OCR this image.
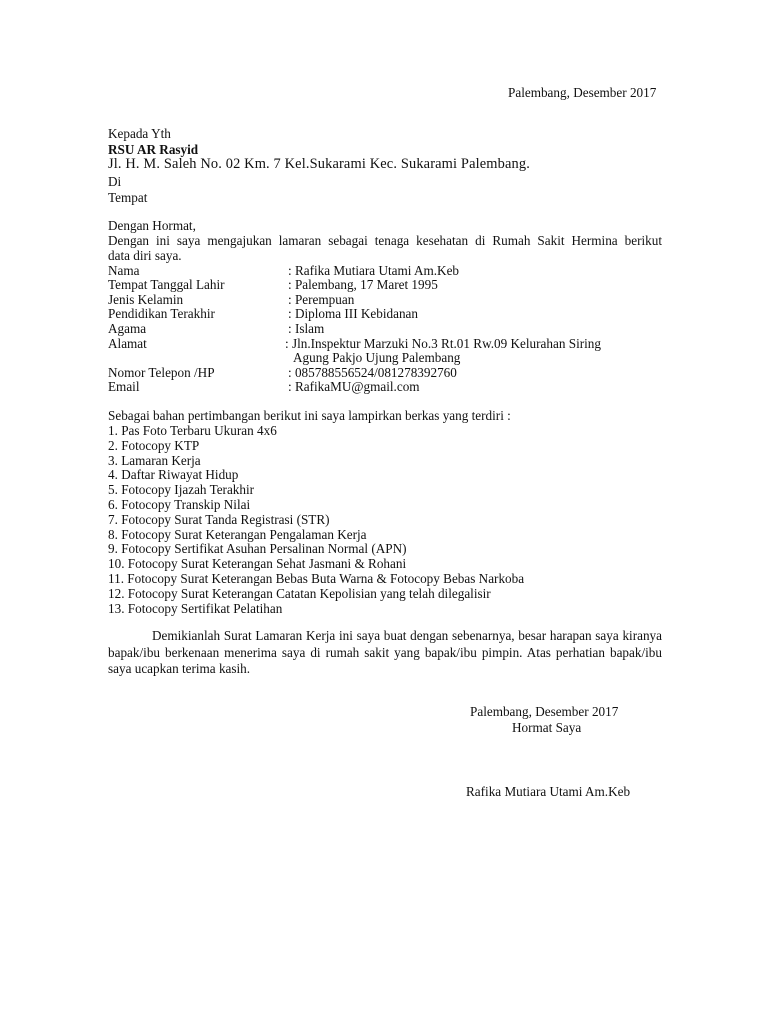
Palembang, Desember 2017
Kepada Yth
RSU AR Rasyid
Jl. H. M. Saleh No. 02 Km. 7 Kel.Sukarami Kec. Sukarami Palembang.
Di
Tempat
Dengan Hormat,
Dengan ini saya mengajukan lamaran sebagai tenaga kesehatan di Rumah Sakit Hermina berikut
data diri saya.
Nama	: Rafika Mutiara Utami Am.Keb
Tempat Tanggal Lahir	: Palembang, 17 Maret 1995
Jenis Kelamin	: Perempuan
Pendidikan Terakhir	: Diploma III Kebidanan
Agama	: Islam
Alamat	: Jln.Inspektur Marzuki No.3 Rt.01 Rw.09 Kelurahan Siring
Agung Pakjo Ujung Palembang
Nomor Telepon /HP	: 085788556524/081278392760
Email	: RafikaMU@gmail.com
Sebagai bahan pertimbangan berikut ini saya lampirkan berkas yang terdiri :
1. Pas Foto Terbaru Ukuran 4x6
2. Fotocopy KTP
3. Lamaran Kerja
4. Daftar Riwayat Hidup
5. Fotocopy Ijazah Terakhir
6. Fotocopy Transkip Nilai
7. Fotocopy Surat Tanda Registrasi (STR)
8. Fotocopy Surat Keterangan Pengalaman Kerja
9. Fotocopy Sertifikat Asuhan Persalinan Normal (APN)
10. Fotocopy Surat Keterangan Sehat Jasmani & Rohani
11. Fotocopy Surat Keterangan Bebas Buta Warna & Fotocopy Bebas Narkoba
12. Fotocopy Surat Keterangan Catatan Kepolisian yang telah dilegalisir
13. Fotocopy Sertifikat Pelatihan

Demikianlah Surat Lamaran Kerja ini saya buat dengan sebenarnya, besar harapan saya kiranya bapak/ibu berkenaan menerima saya di rumah sakit yang bapak/ibu pimpin. Atas perhatian bapak/ibu saya ucapkan terima kasih.

Palembang, Desember 2017
Hormat Saya
Rafika Mutiara Utami Am.Keb
